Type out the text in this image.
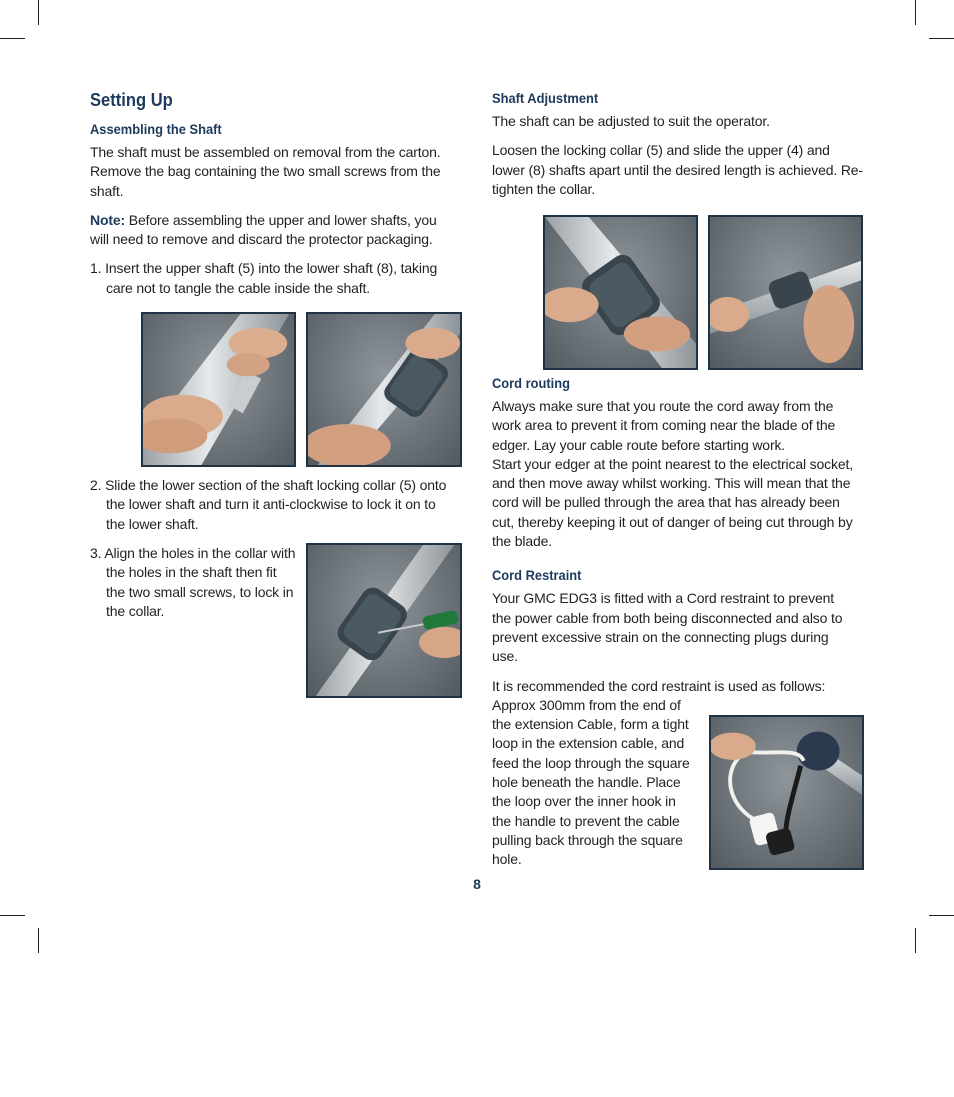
Setting Up
Assembling the Shaft
The shaft must be assembled on removal from the carton. Remove the bag containing the two small screws from the shaft.
Note: Before assembling the upper and lower shafts, you will need to remove and discard the protector packaging.
1. Insert the upper shaft (5) into the lower shaft (8), taking care not to tangle the cable inside the shaft.
2. Slide the lower section of the shaft locking collar (5) onto the lower shaft and turn it anti-clockwise to lock it on to the lower shaft.
3. Align the holes in the collar with the holes in the shaft then fit the two small screws, to lock in the collar.
Shaft Adjustment
The shaft can be adjusted to suit the operator.
Loosen the locking collar (5) and slide the upper (4) and lower (8) shafts apart until the desired length is achieved. Re-tighten the collar.
Cord routing
Always make sure that you route the cord away from the work area to prevent it from coming near the blade of the edger. Lay your cable route before starting work.
Start your edger at the point nearest to the electrical socket, and then move away whilst working. This will mean that the cord will be pulled through the area that has already been cut, thereby keeping it out of danger of being cut through by the blade.
Cord Restraint
Your GMC EDG3 is fitted with a Cord restraint to prevent the power cable from both being disconnected and also to prevent excessive strain on the connecting plugs during use.
It is recommended the cord restraint is used as follows:
Approx 300mm from the end of the extension Cable, form a tight loop in the extension cable, and feed the loop through the square hole beneath the handle. Place the loop over the inner hook in the handle to prevent the cable pulling back through the square hole.
8
